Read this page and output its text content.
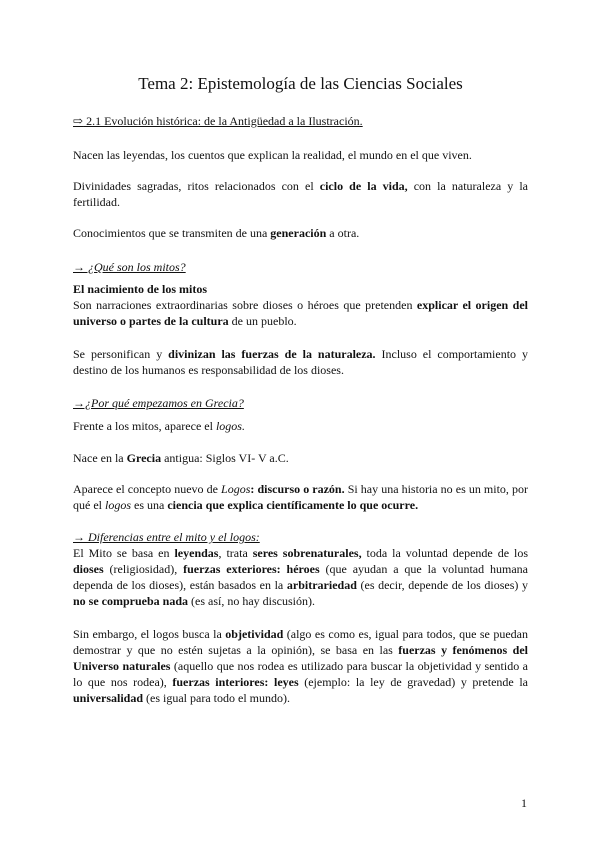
Tema 2: Epistemología de las Ciencias Sociales

⇨ 2.1 Evolución histórica: de la Antigüedad a la Ilustración.

Nacen las leyendas, los cuentos que explican la realidad, el mundo en el que viven.

Divinidades sagradas, ritos relacionados con el ciclo de la vida, con la naturaleza y la fertilidad.

Conocimientos que se transmiten de una generación a otra.

→ ¿Qué son los mitos?

El nacimiento de los mitos

Son narraciones extraordinarias sobre dioses o héroes que pretenden explicar el origen del universo o partes de la cultura de un pueblo.

Se personifican y divinizan las fuerzas de la naturaleza. Incluso el comportamiento y destino de los humanos es responsabilidad de los dioses.

→¿Por qué empezamos en Grecia?

Frente a los mitos, aparece el logos.

Nace en la Grecia antigua: Siglos VI- V a.C.

Aparece el concepto nuevo de Logos: discurso o razón. Si hay una historia no es un mito, por qué el logos es una ciencia que explica científicamente lo que ocurre.

→ Diferencias entre el mito y el logos:

El Mito se basa en leyendas, trata seres sobrenaturales, toda la voluntad depende de los dioses (religiosidad), fuerzas exteriores: héroes (que ayudan a que la voluntad humana dependa de los dioses), están basados en la arbitrariedad (es decir, depende de los dioses) y no se comprueba nada (es así, no hay discusión).

Sin embargo, el logos busca la objetividad (algo es como es, igual para todos, que se puedan demostrar y que no estén sujetas a la opinión), se basa en las fuerzas y fenómenos del Universo naturales (aquello que nos rodea es utilizado para buscar la objetividad y sentido a lo que nos rodea), fuerzas interiores: leyes (ejemplo: la ley de gravedad) y pretende la universalidad (es igual para todo el mundo).

1
